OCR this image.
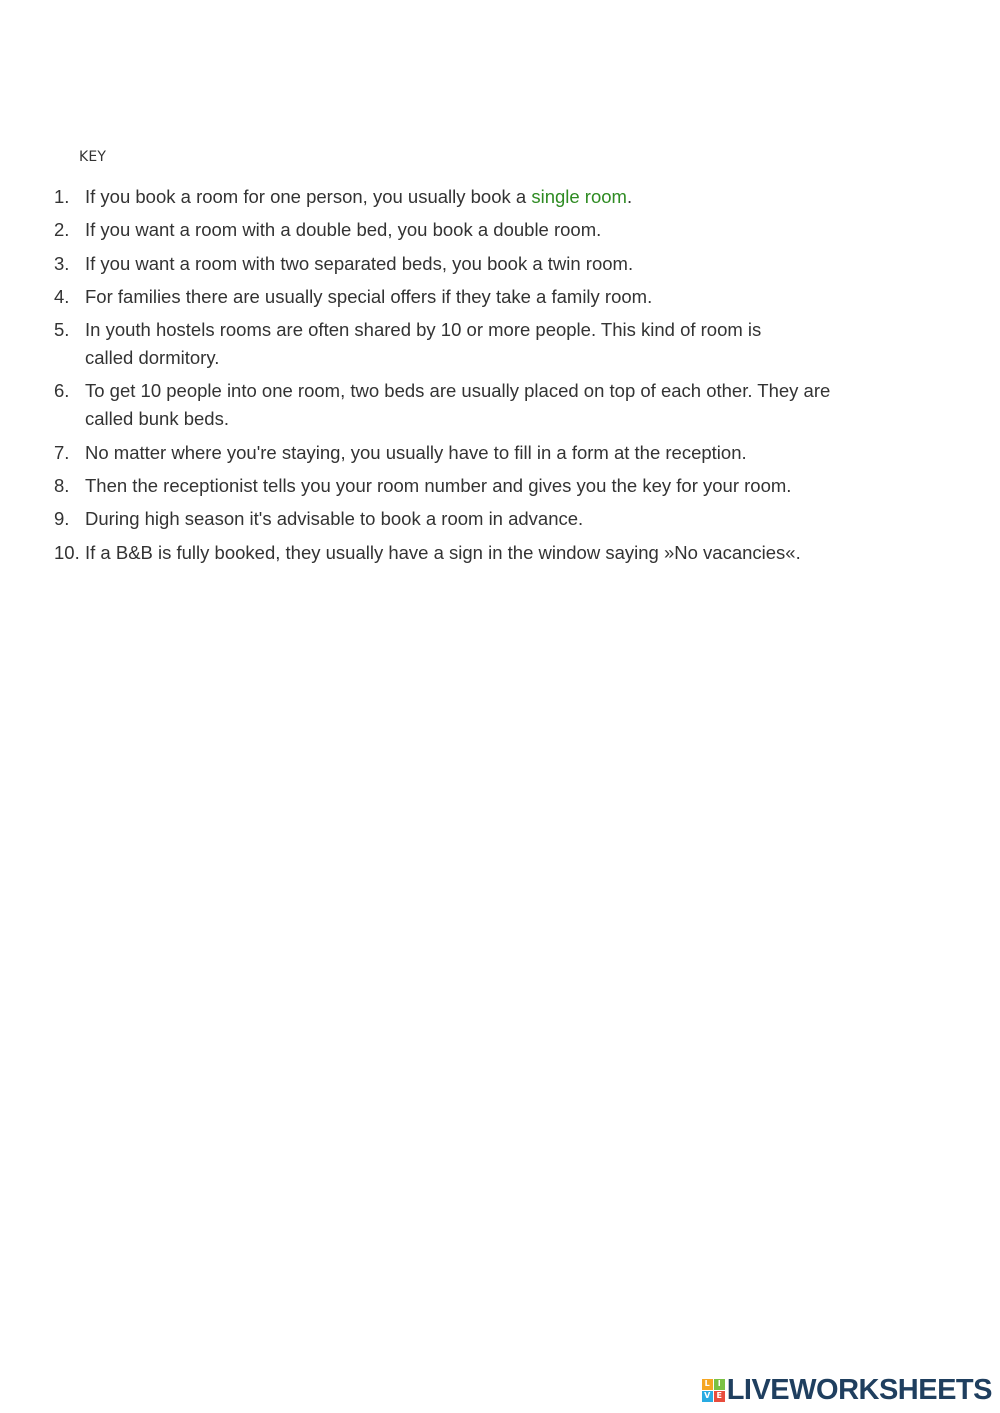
KEY
1. If you book a room for one person, you usually book a single room.
2. If you want a room with a double bed, you book a double room.
3. If you want a room with two separated beds, you book a twin room.
4. For families there are usually special offers if they take a family room.
5. In youth hostels rooms are often shared by 10 or more people. This kind of room is
called dormitory.
6. To get 10 people into one room, two beds are usually placed on top of each other. They are
called bunk beds.
7. No matter where you're staying, you usually have to fill in a form at the reception.
8. Then the receptionist tells you your room number and gives you the key for your room.
9. During high season it's advisable to book a room in advance.
10. If a B&B is fully booked, they usually have a sign in the window saying »No vacancies«.
L I
V E LIVEWORKSHEETS
